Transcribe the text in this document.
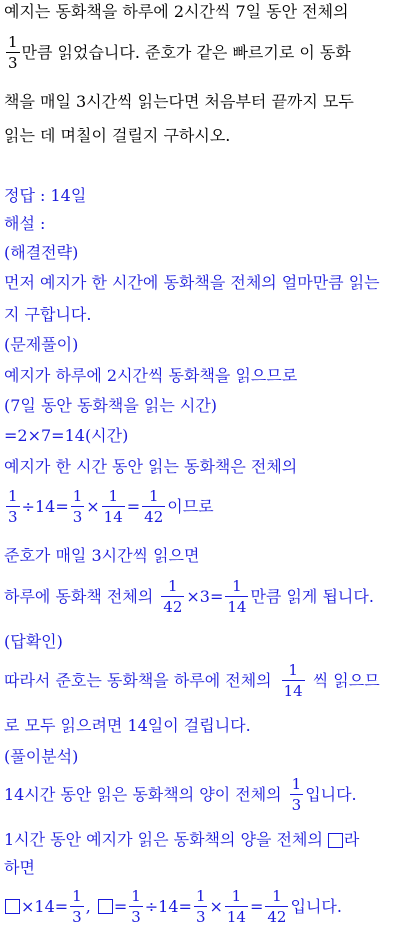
예지는 동화책을 하루에 2시간씩 7일 동안 전체의
$\frac{1}{3}$ 만큼 읽었습니다. 준호가 같은 빠르기로 이 동화
책을 매일 3시간씩 읽는다면 처음부터 끝까지 모두
읽는 데 며칠이 걸릴지 구하시오.
정답 : 14일
해설 :
(해결전략)
먼저 예지가 한 시간에 동화책을 전체의 얼마만큼 읽는
지 구합니다.
(문제풀이)
예지가 하루에 2시간씩 동화책을 읽으므로
(7일 동안 동화책을 읽는 시간)
=2×7=14(시간)
예지가 한 시간 동안 읽는 동화책은 전체의
$\frac{1}{3} \div 14= \frac{1}{3} \times \frac{1}{14} = \frac{1}{42}$ 이므로
준호가 매일 3시간씩 읽으면
하루에 동화책 전체의 $\frac{1}{42} \times 3= \frac{1}{14}$ 만큼 읽게 됩니다.
(답확인)
따라서 준호는 동화책을 하루에 전체의 $\frac{1}{14}$ 씩 읽으므
로 모두 읽으려면 14일이 걸립니다.
(풀이분석)
14시간 동안 읽은 동화책의 양이 전체의 $\frac{1}{3}$ 입니다.
1시간 동안 예지가 읽은 동화책의 양을 전체의 라
하면
$\times 14= \frac{1}{3}$ , = $\frac{1}{3} \div 14= \frac{1}{3} \times \frac{1}{14} = \frac{1}{42}$ 입니다.
